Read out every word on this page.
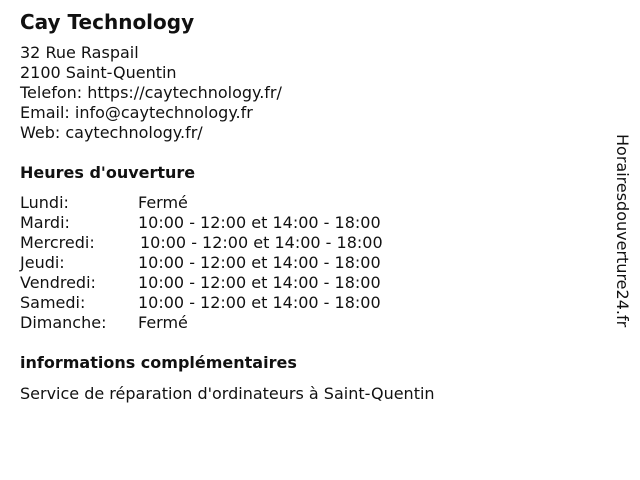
Cay Technology
32 Rue Raspail
2100 Saint-Quentin
Telefon: https://caytechnology.fr/
Email: info@caytechnology.fr
Web: caytechnology.fr/
Heures d'ouverture
Lundi:	Fermé
Mardi:	10:00 - 12:00 et 14:00 - 18:00
Mercredi:	10:00 - 12:00 et 14:00 - 18:00
Jeudi:	10:00 - 12:00 et 14:00 - 18:00
Vendredi:	10:00 - 12:00 et 14:00 - 18:00
Samedi:	10:00 - 12:00 et 14:00 - 18:00
Dimanche: Fermé
informations complémentaires
Service de réparation d'ordinateurs à Saint-Quentin
Horairesdouverture24.fr
